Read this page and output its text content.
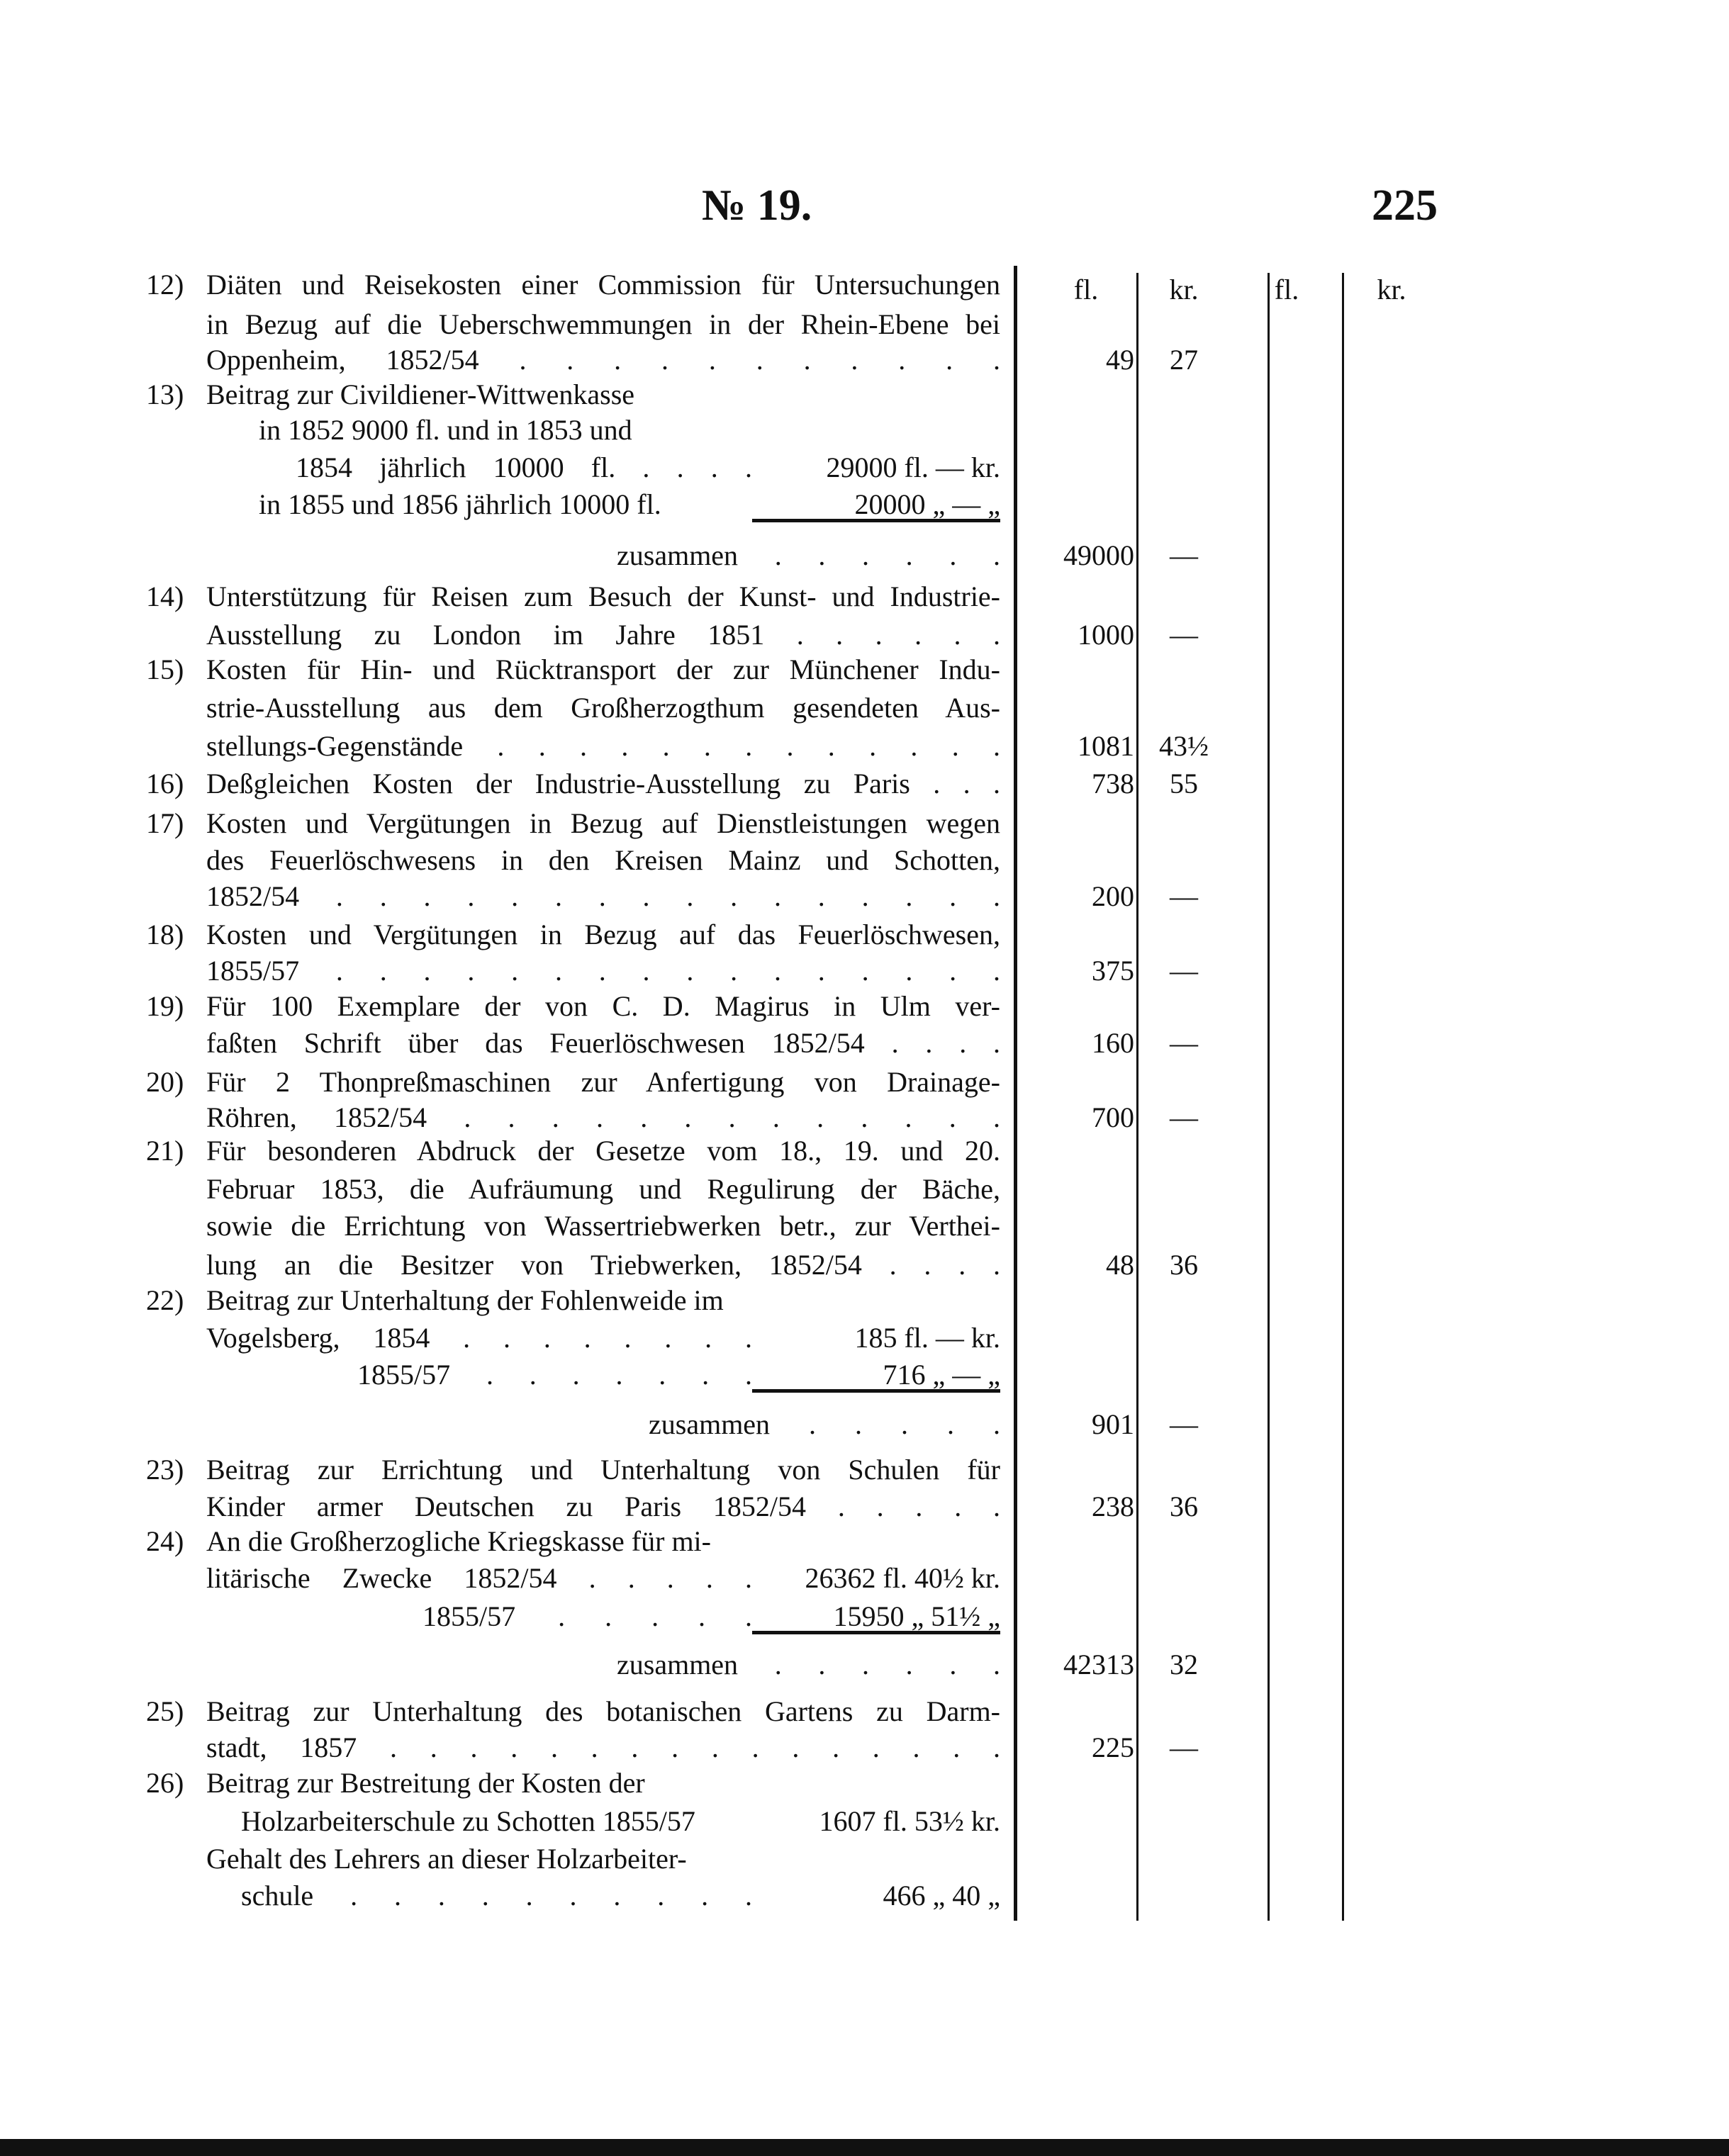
№ 19.	225
fl.	kr.	fl.	kr.
12) Diäten und Reisekosten einer Commission für Untersuchungen
in Bezug auf die Ueberschwemmungen in der Rhein-Ebene bei
Oppenheim, 1852/54 . . . . . . . . . . .	49	27
13) Beitrag zur Civildiener-Wittwenkasse
in 1852 9000 fl. und in 1853 und
1854 jährlich 10000 fl. . . . .	29000 fl. — kr.
in 1855 und 1856 jährlich 10000 fl.	20000 „ — „
zusammen . . . . . .	49000	—
14) Unterstützung für Reisen zum Besuch der Kunst- und Industrie-
Ausstellung zu London im Jahre 1851 . . . . . .	1000	—
15) Kosten für Hin- und Rücktransport der zur Münchener Indu-
strie-Ausstellung aus dem Großherzogthum gesendeten Aus-
stellungs-Gegenstände . . . . . . . . . . . . .	1081 43½
16) Deßgleichen Kosten der Industrie-Ausstellung zu Paris . . .	738	55
17) Kosten und Vergütungen in Bezug auf Dienstleistungen wegen
des Feuerlöschwesens in den Kreisen Mainz und Schotten,
1852/54 . . . . . . . . . . . . . . . .	200	—
18) Kosten und Vergütungen in Bezug auf das Feuerlöschwesen,
1855/57 . . . . . . . . . . . . . . . .	375	—
19) Für 100 Exemplare der von C. D. Magirus in Ulm ver-
faßten Schrift über das Feuerlöschwesen 1852/54 . . . .	160	—
20) Für 2 Thonpreßmaschinen zur Anfertigung von Drainage-
Röhren, 1852/54 . . . . . . . . . . . . .	700	—
21) Für besonderen Abdruck der Gesetze vom 18., 19. und 20.
Februar 1853, die Aufräumung und Regulirung der Bäche,
sowie die Errichtung von Wassertriebwerken betr., zur Verthei-
lung an die Besitzer von Triebwerken, 1852/54 . . . .	48	36
22) Beitrag zur Unterhaltung der Fohlenweide im
Vogelsberg, 1854 . . . . . . . .	185 fl. — kr.
1855/57 . . . . . . .	716 „ — „
zusammen . . . . .	901	—
23) Beitrag zur Errichtung und Unterhaltung von Schulen für
Kinder armer Deutschen zu Paris 1852/54 . . . . .	238	36
24) An die Großherzogliche Kriegskasse für mi-
litärische Zwecke 1852/54 . . . . .	26362 fl. 40½ kr.
1855/57 . . . . .	15950 „ 51½ „
zusammen . . . . . .	42313	32
25) Beitrag zur Unterhaltung des botanischen Gartens zu Darm-
stadt, 1857 . . . . . . . . . . . . . . . .	225	—
26) Beitrag zur Bestreitung der Kosten der
Holzarbeiterschule zu Schotten 1855/57	1607 fl. 53½ kr.
Gehalt des Lehrers an dieser Holzarbeiter-
schule . . . . . . . . . .	466 „ 40 „
